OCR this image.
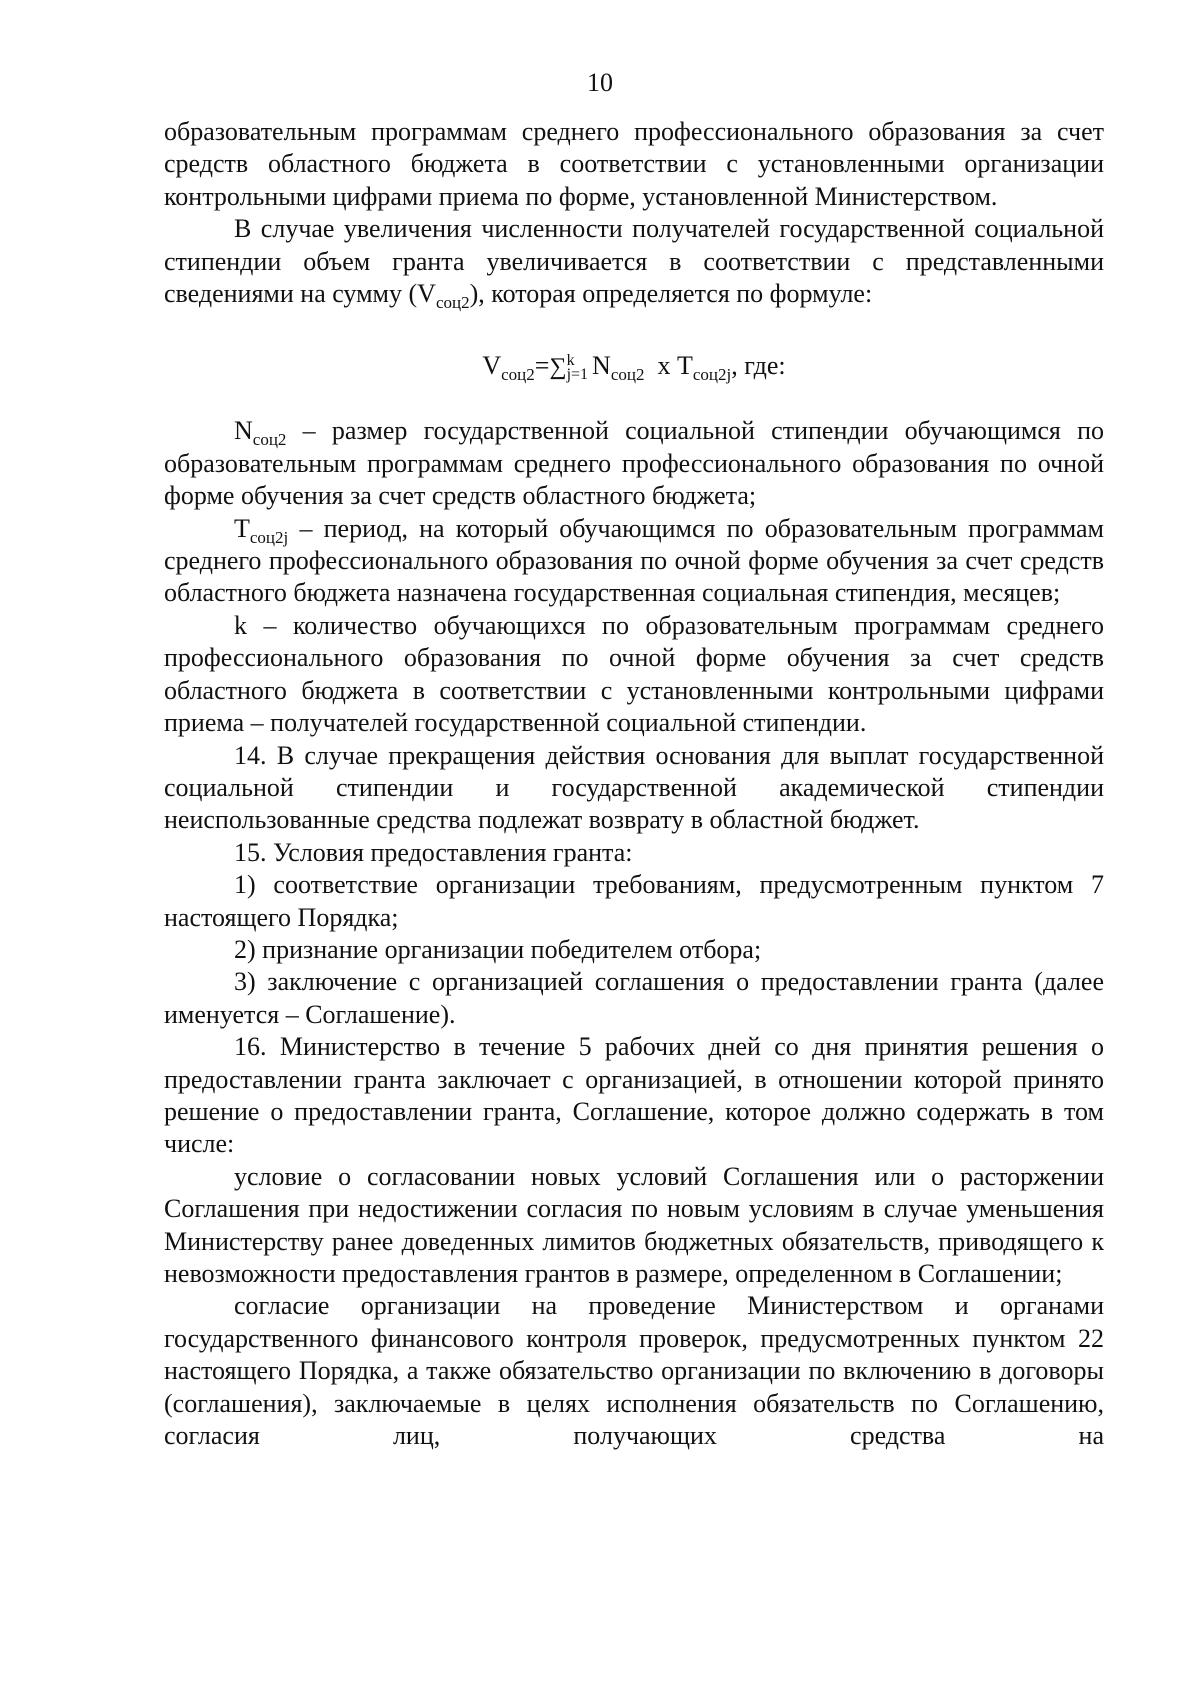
10

образовательным программам среднего профессионального образования за счет средств областного бюджета в соответствии с установленными организации контрольными цифрами приема по форме, установленной Министерством.

В случае увеличения численности получателей государственной социальной стипендии объем гранта увеличивается в соответствии с представленными сведениями на сумму $(V_{соц2})$, которая определяется по формуле:

$V_{соц2}=\sum$ k
j=1 $N_{соц2}$ x $T_{соц2j}$, где:

$N_{соц2}$ – размер государственной социальной стипендии обучающимся по образовательным программам среднего профессионального образования по очной форме обучения за счет средств областного бюджета;

$T_{соц2j}$ – период, на который обучающимся по образовательным программам среднего профессионального образования по очной форме обучения за счет средств областного бюджета назначена государственная социальная стипендия, месяцев;

k – количество обучающихся по образовательным программам среднего профессионального образования по очной форме обучения за счет средств областного бюджета в соответствии с установленными контрольными цифрами приема – получателей государственной социальной стипендии.

14. В случае прекращения действия основания для выплат государственной социальной стипендии и государственной академической стипендии неиспользованные средства подлежат возврату в областной бюджет.

15. Условия предоставления гранта:

1) соответствие организации требованиям, предусмотренным пунктом 7 настоящего Порядка;

2) признание организации победителем отбора;

3) заключение с организацией соглашения о предоставлении гранта (далее именуется – Соглашение).

16. Министерство в течение 5 рабочих дней со дня принятия решения о предоставлении гранта заключает с организацией, в отношении которой принято решение о предоставлении гранта, Соглашение, которое должно содержать в том числе:

условие о согласовании новых условий Соглашения или о расторжении Соглашения при недостижении согласия по новым условиям в случае уменьшения Министерству ранее доведенных лимитов бюджетных обязательств, приводящего к невозможности предоставления грантов в размере, определенном в Соглашении;

согласие организации на проведение Министерством и органами государственного финансового контроля проверок, предусмотренных пунктом 22 настоящего Порядка, а также обязательство организации по включению в договоры (соглашения), заключаемые в целях исполнения обязательств по Соглашению, согласия лиц, получающих средства на
